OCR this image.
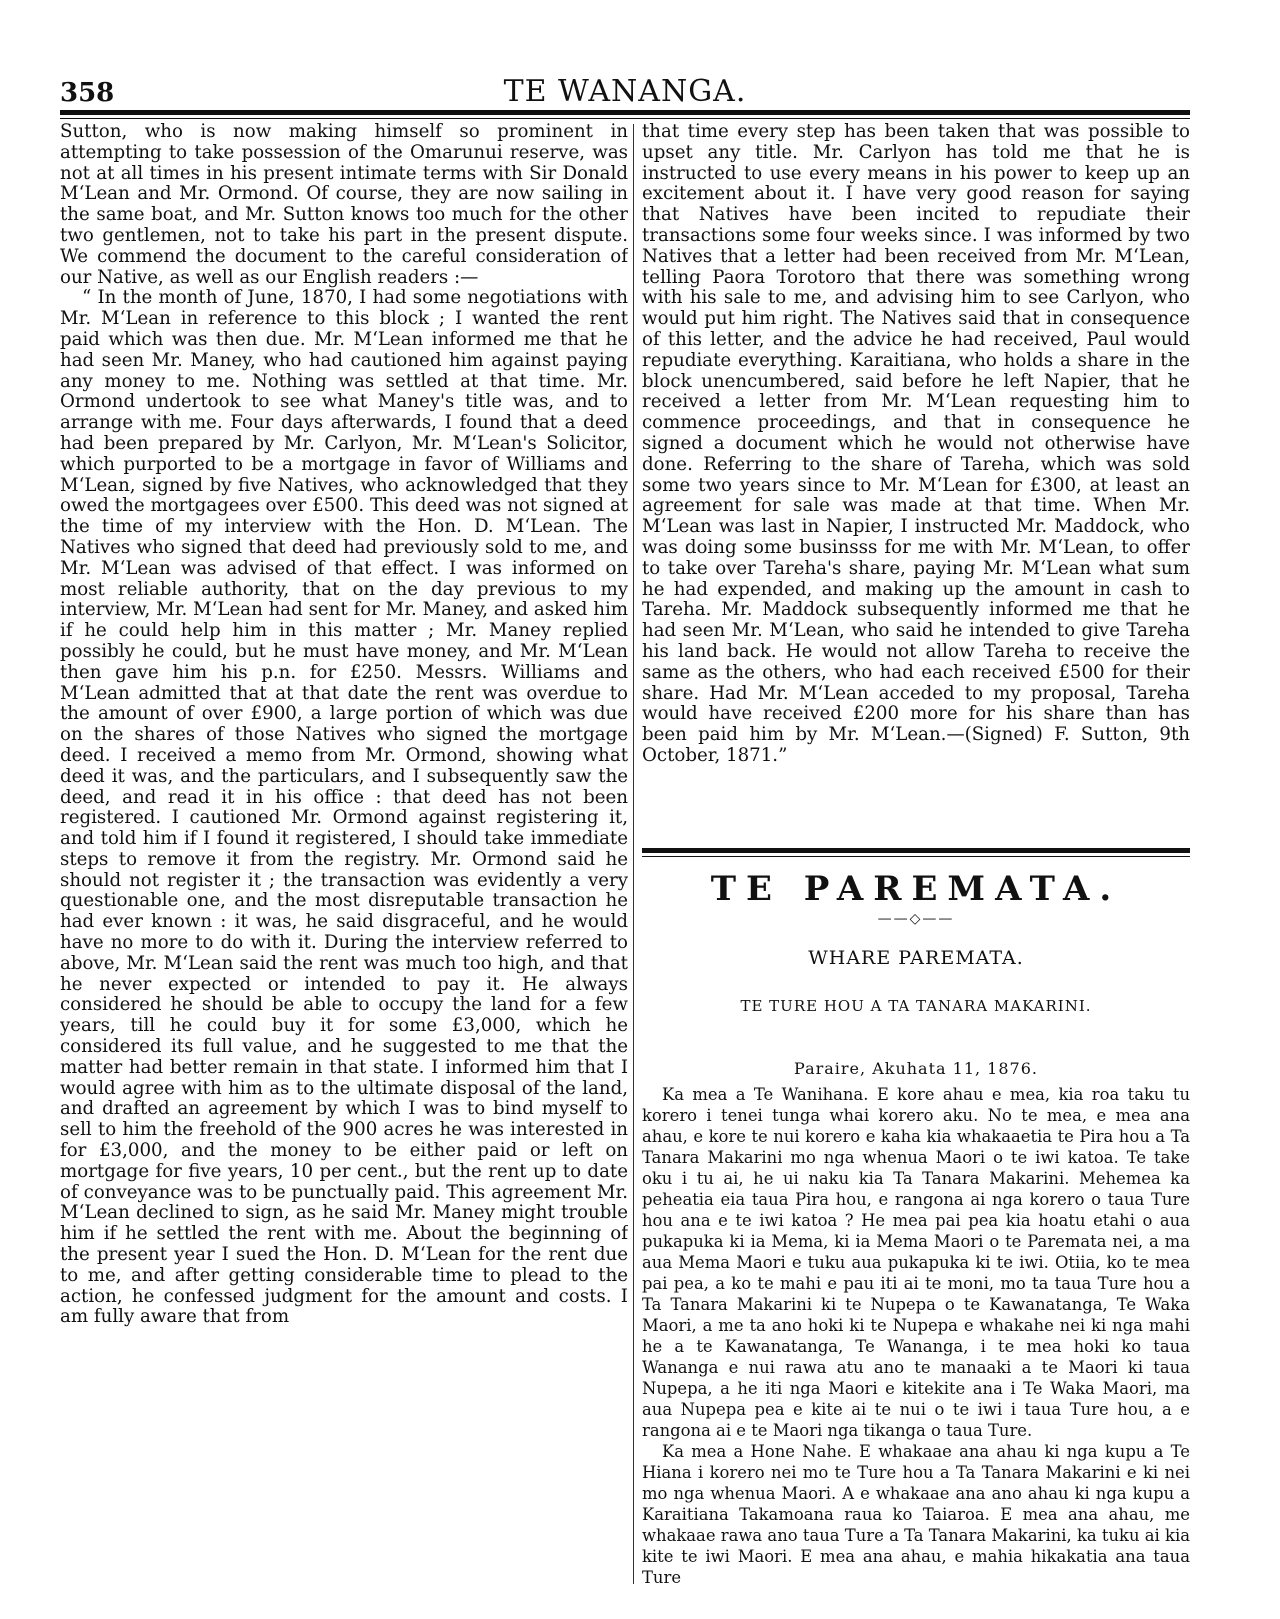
358	TE WANANGA.

Sutton, who is now making himself so prominent in attempting to take possession of the Omarunui reserve, was not at all times in his present intimate terms with Sir Donald M‘Lean and Mr. Ormond. Of course, they are now sailing in the same boat, and Mr. Sutton knows too much for the other two gentlemen, not to take his part in the present dispute. We commend the document to the careful consideration of our Native, as well as our English readers :—

“ In the month of June, 1870, I had some negotiations with Mr. M‘Lean in reference to this block ; I wanted the rent paid which was then due. Mr. M‘Lean informed me that he had seen Mr. Maney, who had cautioned him against paying any money to me. Nothing was settled at that time. Mr. Ormond undertook to see what Maney's title was, and to arrange with me. Four days afterwards, I found that a deed had been prepared by Mr. Carlyon, Mr. M‘Lean's Solicitor, which purported to be a mortgage in favor of Williams and M‘Lean, signed by five Natives, who acknowledged that they owed the mortgagees over £500. This deed was not signed at the time of my interview with the Hon. D. M‘Lean. The Natives who signed that deed had previously sold to me, and Mr. M‘Lean was advised of that effect. I was informed on most reliable authority, that on the day previous to my interview, Mr. M‘Lean had sent for Mr. Maney, and asked him if he could help him in this matter ; Mr. Maney replied possibly he could, but he must have money, and Mr. M‘Lean then gave him his p.n. for £250. Messrs. Williams and M‘Lean admitted that at that date the rent was overdue to the amount of over £900, a large portion of which was due on the shares of those Natives who signed the mortgage deed. I received a memo from Mr. Ormond, showing what deed it was, and the particulars, and I subsequently saw the deed, and read it in his office : that deed has not been registered. I cautioned Mr. Ormond against registering it, and told him if I found it registered, I should take immediate steps to remove it from the registry. Mr. Ormond said he should not register it ; the transaction was evidently a very questionable one, and the most disreputable transaction he had ever known : it was, he said disgraceful, and he would have no more to do with it. During the interview referred to above, Mr. M‘Lean said the rent was much too high, and that he never expected or intended to pay it. He always considered he should be able to occupy the land for a few years, till he could buy it for some £3,000, which he considered its full value, and he suggested to me that the matter had better remain in that state. I informed him that I would agree with him as to the ultimate disposal of the land, and drafted an agreement by which I was to bind myself to sell to him the freehold of the 900 acres he was interested in for £3,000, and the money to be either paid or left on mortgage for five years, 10 per cent., but the rent up to date of conveyance was to be punctually paid. This agreement Mr. M‘Lean declined to sign, as he said Mr. Maney might trouble him if he settled the rent with me. About the beginning of the present year I sued the Hon. D. M‘Lean for the rent due to me, and after getting considerable time to plead to the action, he confessed judgment for the amount and costs. I am fully aware that from

that time every step has been taken that was possible to upset any title. Mr. Carlyon has told me that he is instructed to use every means in his power to keep up an excitement about it. I have very good reason for saying that Natives have been incited to repudiate their transactions some four weeks since. I was informed by two Natives that a letter had been received from Mr. M‘Lean, telling Paora Torotoro that there was something wrong with his sale to me, and advising him to see Carlyon, who would put him right. The Natives said that in consequence of this letter, and the advice he had received, Paul would repudiate everything. Karaitiana, who holds a share in the block unencumbered, said before he left Napier, that he received a letter from Mr. M‘Lean requesting him to commence proceedings, and that in consequence he signed a document which he would not otherwise have done. Referring to the share of Tareha, which was sold some two years since to Mr. M‘Lean for £300, at least an agreement for sale was made at that time. When Mr. M‘Lean was last in Napier, I instructed Mr. Maddock, who was doing some businsss for me with Mr. M‘Lean, to offer to take over Tareha's share, paying Mr. M‘Lean what sum he had expended, and making up the amount in cash to Tareha. Mr. Maddock subsequently informed me that he had seen Mr. M‘Lean, who said he intended to give Tareha his land back. He would not allow Tareha to receive the same as the others, who had each received £500 for their share. Had Mr. M‘Lean acceded to my proposal, Tareha would have received £200 more for his share than has been paid him by Mr. M‘Lean.—(Signed) F. Sutton, 9th October, 1871.”

TE PAREMATA.
——◇——
WHARE PAREMATA.
TE TURE HOU A TA TANARA MAKARINI.
Paraire, Akuhata 11, 1876.

Ka mea a Te Wanihana. E kore ahau e mea, kia roa taku tu korero i tenei tunga whai korero aku. No te mea, e mea ana ahau, e kore te nui korero e kaha kia whakaaetia te Pira hou a Ta Tanara Makarini mo nga whenua Maori o te iwi katoa. Te take oku i tu ai, he ui naku kia Ta Tanara Makarini. Mehemea ka peheatia eia taua Pira hou, e rangona ai nga korero o taua Ture hou ana e te iwi katoa ? He mea pai pea kia hoatu etahi o aua pukapuka ki ia Mema, ki ia Mema Maori o te Paremata nei, a ma aua Mema Maori e tuku aua pukapuka ki te iwi. Otiia, ko te mea pai pea, a ko te mahi e pau iti ai te moni, mo ta taua Ture hou a Ta Tanara Makarini ki te Nupepa o te Kawanatanga, Te Waka Maori, a me ta ano hoki ki te Nupepa e whakahe nei ki nga mahi he a te Kawanatanga, Te Wananga, i te mea hoki ko taua Wananga e nui rawa atu ano te manaaki a te Maori ki taua Nupepa, a he iti nga Maori e kitekite ana i Te Waka Maori, ma aua Nupepa pea e kite ai te nui o te iwi i taua Ture hou, a e rangona ai e te Maori nga tikanga o taua Ture.

Ka mea a Hone Nahe. E whakaae ana ahau ki nga kupu a Te Hiana i korero nei mo te Ture hou a Ta Tanara Makarini e ki nei mo nga whenua Maori. A e whakaae ana ano ahau ki nga kupu a Karaitiana Takamoana raua ko Taiaroa. E mea ana ahau, me whakaae rawa ano taua Ture a Ta Tanara Makarini, ka tuku ai kia kite te iwi Maori. E mea ana ahau, e mahia hikakatia ana taua Ture
